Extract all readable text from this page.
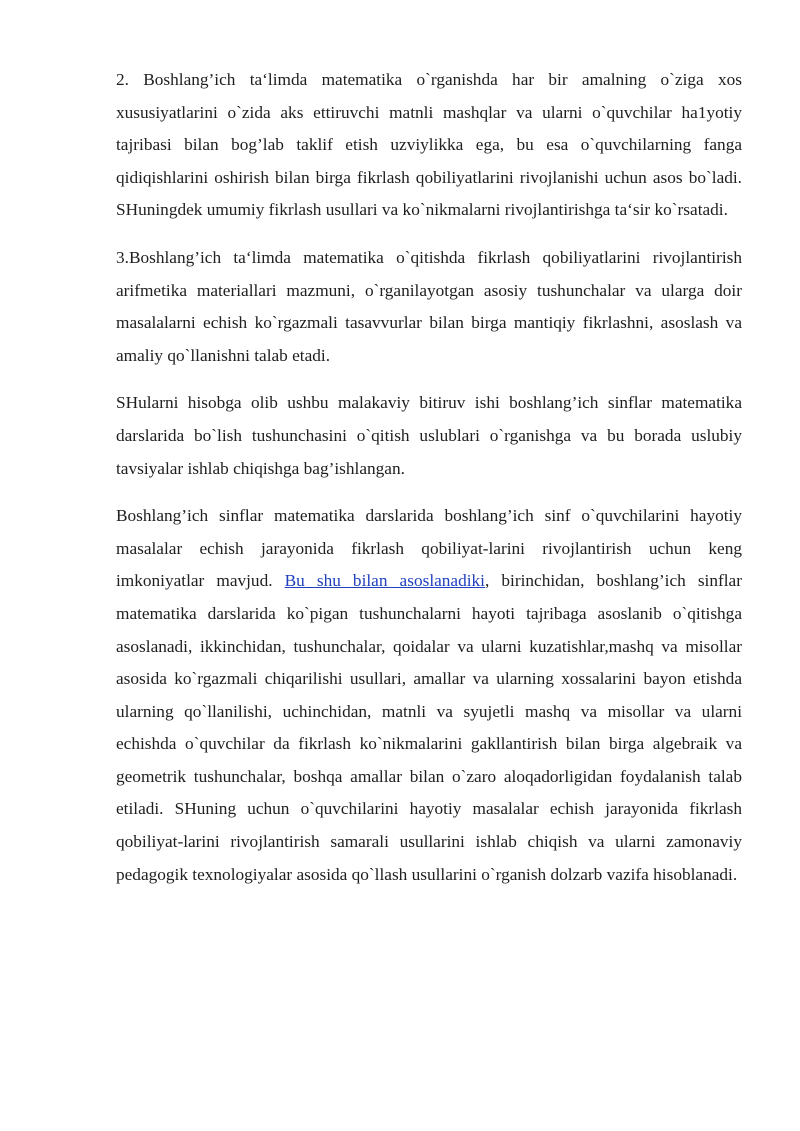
2. Boshlang’ich ta‘limda matematika o`rganishda har bir amalning o`ziga xos xususiyatlarini o`zida aks ettiruvchi matnli mashqlar va ularni o`quvchilar ha1yotiy tajribasi bilan bog’lab taklif etish uzviylikka ega, bu esa o`quvchilarning fanga qidiqishlarini oshirish bilan birga fikrlash qobiliyatlarini rivojlanishi uchun asos bo`ladi. SHuningdek umumiy fikrlash usullari va ko`nikmalarni rivojlantirishga ta‘sir ko`rsatadi.

3.Boshlang’ich ta‘limda matematika o`qitishda fikrlash qobiliyatlarini rivojlantirish arifmetika materiallari mazmuni, o`rganilayotgan asosiy tushunchalar va ularga doir masalalarni echish ko`rgazmali tasavvurlar bilan birga mantiqiy fikrlashni, asoslash va amaliy qo`llanishni talab etadi.

SHularni hisobga olib ushbu malakaviy bitiruv ishi boshlang’ich sinflar matematika darslarida bo`lish tushunchasini o`qitish uslublari o`rganishga va bu borada uslubiy tavsiyalar ishlab chiqishga bag’ishlangan.

Boshlang’ich sinflar matematika darslarida boshlang’ich sinf o`quvchilarini hayotiy masalalar echish jarayonida fikrlash qobiliyat-larini rivojlantirish uchun keng imkoniyatlar mavjud. Bu shu bilan asoslanadiki, birinchidan, boshlang’ich sinflar matematika darslarida ko`pigan tushunchalarni hayoti tajribaga asoslanib o`qitishga asoslanadi, ikkinchidan, tushunchalar, qoidalar va ularni kuzatishlar,mashq va misollar asosida ko`rgazmali chiqarilishi usullari, amallar va ularning xossalarini bayon etishda ularning qo`llanilishi, uchinchidan, matnli va syujetli mashq va misollar va ularni echishda o`quvchilar da fikrlash ko`nikmalarini gakllantirish bilan birga algebraik va geometrik tushunchalar, boshqa amallar bilan o`zaro aloqadorligidan foydalanish talab etiladi. SHuning uchun o`quvchilarini hayotiy masalalar echish jarayonida fikrlash qobiliyat-larini rivojlantirish samarali usullarini ishlab chiqish va ularni zamonaviy pedagogik texnologiyalar asosida qo`llash usullarini o`rganish dolzarb vazifa hisoblanadi.
